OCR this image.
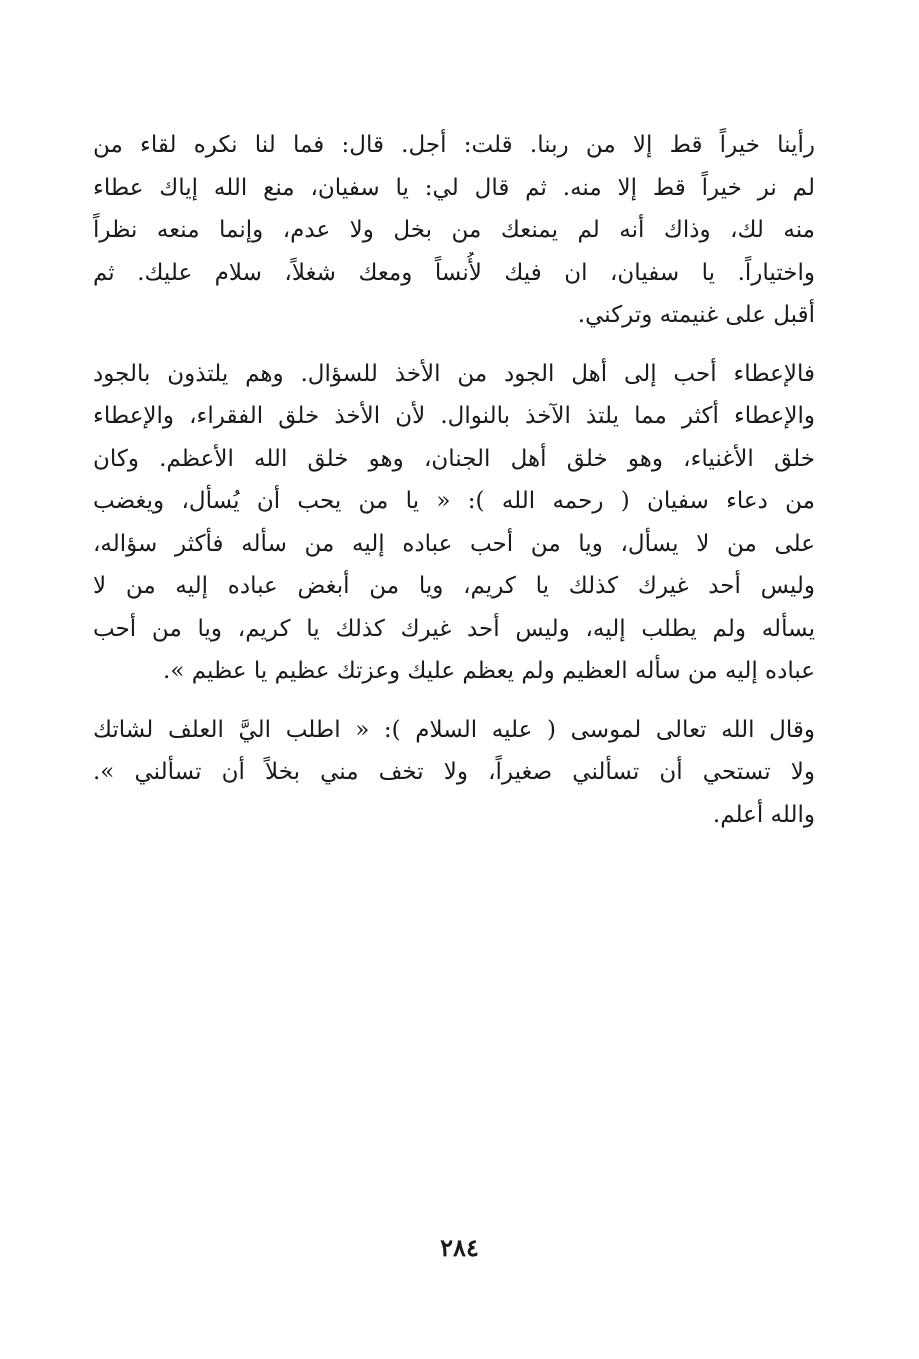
رأينا خيراً قط إلا من ربنا. قلت: أجل. قال: فما لنا نكره لقاء من
لم نر خيراً قط إلا منه. ثم قال لي: يا سفيان، منع الله إياك عطاء
منه لك، وذاك أنه لم يمنعك من بخل ولا عدم، وإنما منعه نظراً
واختياراً. يا سفيان، ان فيك لأُنساً ومعك شغلاً، سلام عليك. ثم
أقبل على غنيمته وتركني.

فالإعطاء أحب إلى أهل الجود من الأخذ للسؤال. وهم يلتذون بالجود
والإعطاء أكثر مما يلتذ الآخذ بالنوال. لأن الأخذ خلق الفقراء، والإعطاء
خلق الأغنياء، وهو خلق أهل الجنان، وهو خلق الله الأعظم. وكان
من دعاء سفيان ( رحمه الله ): « يا من يحب أن يُسأل، ويغضب
على من لا يسأل، ويا من أحب عباده إليه من سأله فأكثر سؤاله،
وليس أحد غيرك كذلك يا كريم، ويا من أبغض عباده إليه من لا
يسأله ولم يطلب إليه، وليس أحد غيرك كذلك يا كريم، ويا من أحب
عباده إليه من سأله العظيم ولم يعظم عليك وعزتك عظيم يا عظيم ».

وقال الله تعالى لموسى ( عليه السلام ): « اطلب اليَّ العلف لشاتك
ولا تستحي أن تسألني صغيراً، ولا تخف مني بخلاً أن تسألني ».
والله أعلم.

٢٨٤
